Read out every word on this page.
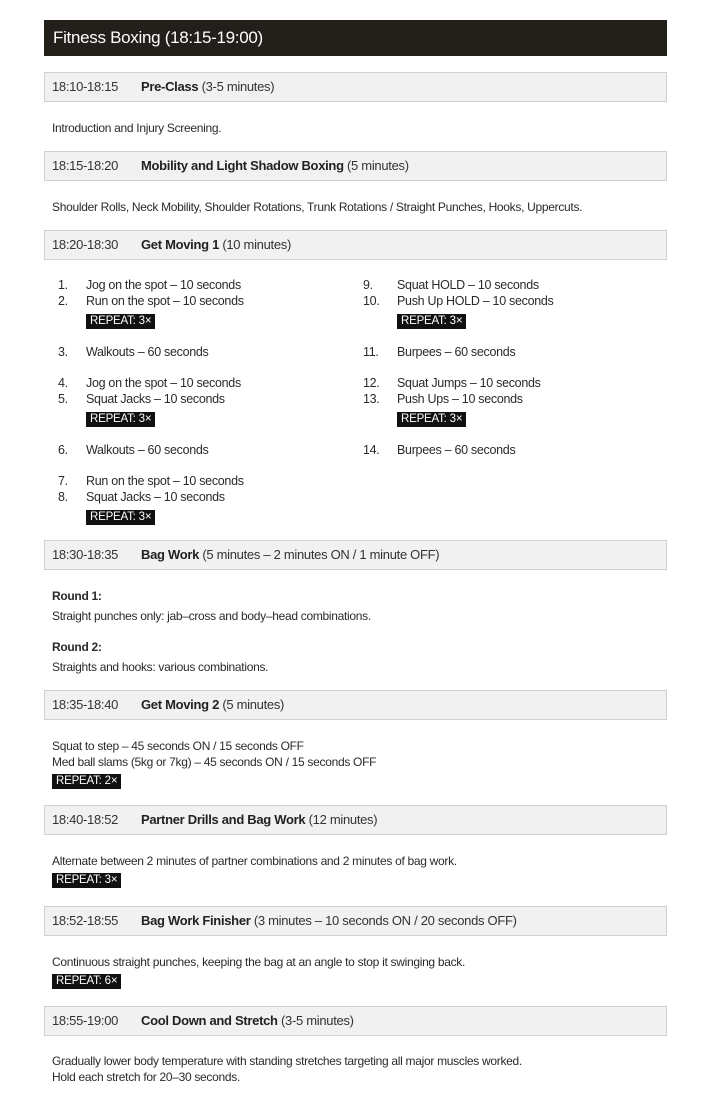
Fitness Boxing (18:15-19:00)
18:10-18:15 Pre-Class (3-5 minutes)
Introduction and Injury Screening.
18:15-18:20 Mobility and Light Shadow Boxing (5 minutes)
Shoulder Rolls, Neck Mobility, Shoulder Rotations, Trunk Rotations / Straight Punches, Hooks, Uppercuts.
18:20-18:30 Get Moving 1 (10 minutes)
1. Jog on the spot – 10 seconds
2. Run on the spot – 10 seconds
REPEAT: 3×
3. Walkouts – 60 seconds
4. Jog on the spot – 10 seconds
5. Squat Jacks – 10 seconds
REPEAT: 3×
6. Walkouts – 60 seconds
7. Run on the spot – 10 seconds
8. Squat Jacks – 10 seconds
REPEAT: 3×
9. Squat HOLD – 10 seconds
10. Push Up HOLD – 10 seconds
REPEAT: 3×
11. Burpees – 60 seconds
12. Squat Jumps – 10 seconds
13. Push Ups – 10 seconds
REPEAT: 3×
14. Burpees – 60 seconds
18:30-18:35 Bag Work (5 minutes – 2 minutes ON / 1 minute OFF)
Round 1:
Straight punches only: jab–cross and body–head combinations.
Round 2:
Straights and hooks: various combinations.
18:35-18:40 Get Moving 2 (5 minutes)
Squat to step – 45 seconds ON / 15 seconds OFF
Med ball slams (5kg or 7kg) – 45 seconds ON / 15 seconds OFF
REPEAT: 2×
18:40-18:52 Partner Drills and Bag Work (12 minutes)
Alternate between 2 minutes of partner combinations and 2 minutes of bag work.
REPEAT: 3×
18:52-18:55 Bag Work Finisher (3 minutes – 10 seconds ON / 20 seconds OFF)
Continuous straight punches, keeping the bag at an angle to stop it swinging back.
REPEAT: 6×
18:55-19:00 Cool Down and Stretch (3-5 minutes)
Gradually lower body temperature with standing stretches targeting all major muscles worked.
Hold each stretch for 20–30 seconds.
